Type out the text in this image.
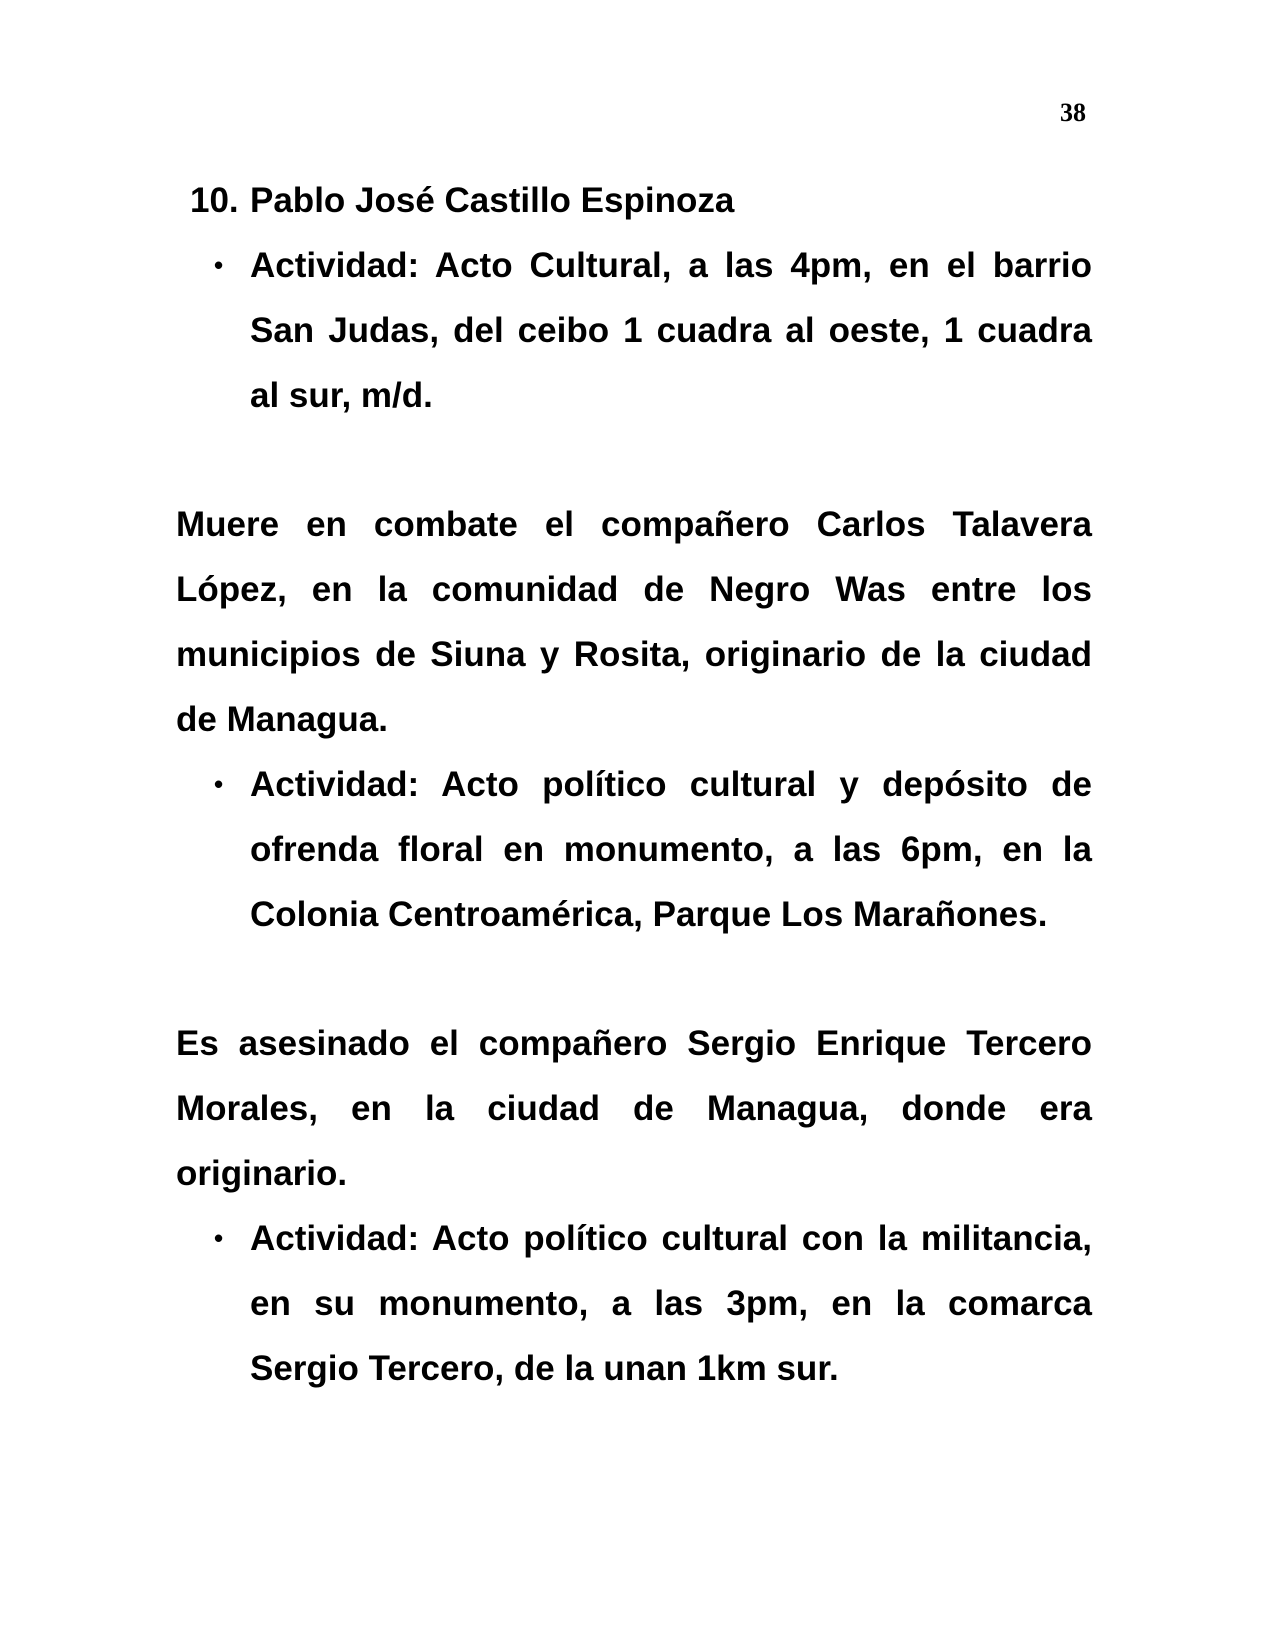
38
10. Pablo José Castillo Espinoza
• Actividad: Acto Cultural, a las 4pm, en el barrio San Judas, del ceibo 1 cuadra al oeste, 1 cuadra al sur, m/d.
Muere en combate el compañero Carlos Talavera López, en la comunidad de Negro Was entre los municipios de Siuna y Rosita, originario de la ciudad de Managua.
• Actividad: Acto político cultural y depósito de ofrenda floral en monumento, a las 6pm, en la Colonia Centroamérica, Parque Los Marañones.
Es asesinado el compañero Sergio Enrique Tercero Morales, en la ciudad de Managua, donde era originario.
• Actividad: Acto político cultural con la militancia, en su monumento, a las 3pm, en la comarca Sergio Tercero, de la unan 1km sur.
